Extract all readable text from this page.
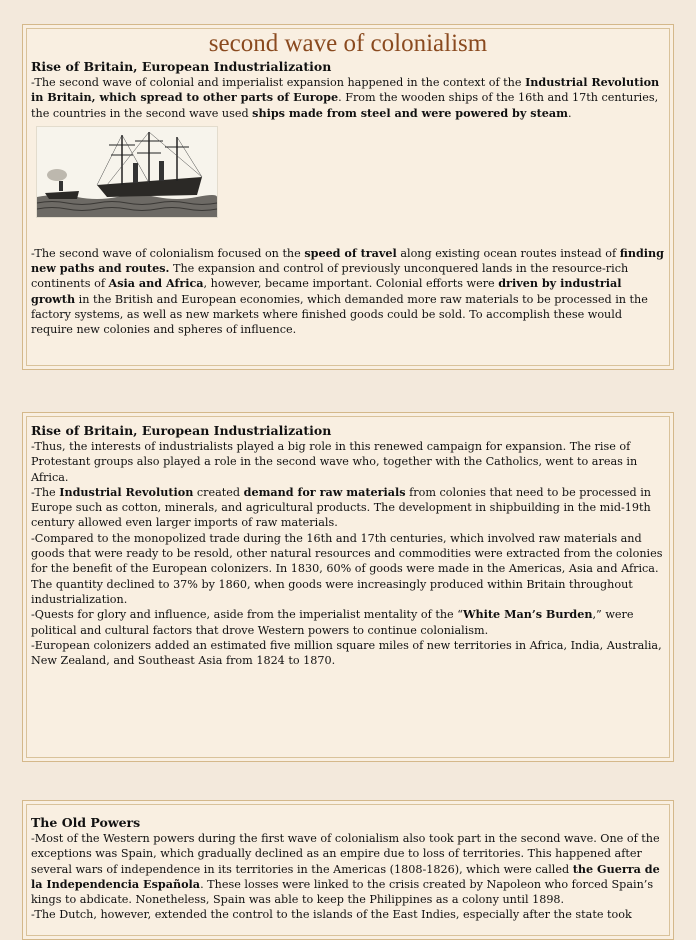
second wave of colonialism
Rise of Britain, European Industrialization

-The second wave of colonial and imperialist expansion happened in the context of the Industrial Revolution in Britain, which spread to other parts of Europe. From the wooden ships of the 16th and 17th centuries, the countries in the second wave used ships made from steel and were powered by steam.

-The second wave of colonialism focused on the speed of travel along existing ocean routes instead of finding new paths and routes. The expansion and control of previously unconquered lands in the resource-rich continents of Asia and Africa, however, became important. Colonial efforts were driven by industrial growth in the British and European economies, which demanded more raw materials to be processed in the factory systems, as well as new markets where finished goods could be sold. To accomplish these would require new colonies and spheres of influence.

Rise of Britain, European Industrialization

-Thus, the interests of industrialists played a big role in this renewed campaign for expansion. The rise of Protestant groups also played a role in the second wave who, together with the Catholics, went to areas in Africa.

-The Industrial Revolution created demand for raw materials from colonies that need to be processed in Europe such as cotton, minerals, and agricultural products. The development in shipbuilding in the mid-19th century allowed even larger imports of raw materials.

-Compared to the monopolized trade during the 16th and 17th centuries, which involved raw materials and goods that were ready to be resold, other natural resources and commodities were extracted from the colonies for the benefit of the European colonizers. In 1830, 60% of goods were made in the Americas, Asia and Africa. The quantity declined to 37% by 1860, when goods were increasingly produced within Britain throughout industrialization.

-Quests for glory and influence, aside from the imperialist mentality of the “White Man’s Burden,” were political and cultural factors that drove Western powers to continue colonialism.

-European colonizers added an estimated five million square miles of new territories in Africa, India, Australia, New Zealand, and Southeast Asia from 1824 to 1870.

The Old Powers

-Most of the Western powers during the first wave of colonialism also took part in the second wave. One of the exceptions was Spain, which gradually declined as an empire due to loss of territories. This happened after several wars of independence in its territories in the Americas (1808-1826), which were called the Guerra de la Independencia Española. These losses were linked to the crisis created by Napoleon who forced Spain’s kings to abdicate. Nonetheless, Spain was able to keep the Philippines as a colony until 1898.

-The Dutch, however, extended the control to the islands of the East Indies, especially after the state took
